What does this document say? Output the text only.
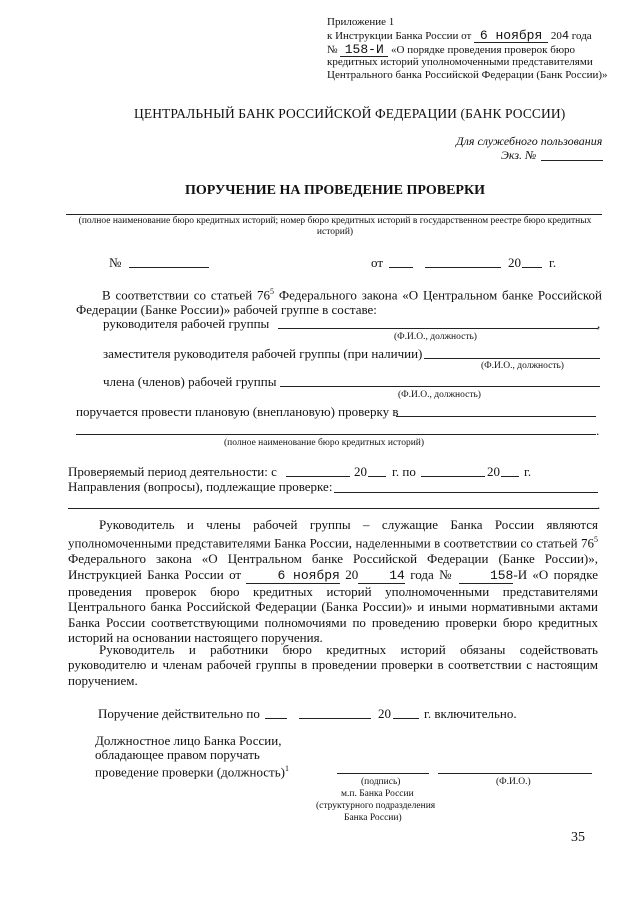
Приложение 1
к Инструкции Банка России от 6 ноября 204 года
№ 158-И «О порядке проведения проверок бюро
кредитных историй уполномоченными представителями
Центрального банка Российской Федерации (Банк России)»
ЦЕНТРАЛЬНЫЙ БАНК РОССИЙСКОЙ ФЕДЕРАЦИИ (БАНК РОССИИ)
Для служебного пользования
Экз. №
ПОРУЧЕНИЕ НА ПРОВЕДЕНИЕ ПРОВЕРКИ
(полное наименование бюро кредитных историй; номер бюро кредитных историй в государственном реестре бюро кредитных историй)
№	от	20 г.
В соответствии со статьей $76^5$ Федерального закона «О Центральном банке Российской Федерации (Банке России)» рабочей группе в составе:
руководителя рабочей группы	,
(Ф.И.О., должность)
заместителя руководителя рабочей группы (при наличии)
(Ф.И.О., должность)
члена (членов) рабочей группы
(Ф.И.О., должность)
поручается провести плановую (внеплановую) проверку в
.
(полное наименование бюро кредитных историй)
Проверяемый период деятельности: с	20 г. по	20 г.
Направления (вопросы), подлежащие проверке:
.
Руководитель и члены рабочей группы – служащие Банка России являются уполномоченными представителями Банка России, наделенными в соответствии со статьей $76^5$ Федерального закона «О Центральном банке Российской Федерации (Банке России)», Инструкцией Банка России от 6 ноября 20 14 года № 158-И «О порядке проведения проверок бюро кредитных историй уполномоченными представителями Центрального банка Российской Федерации (Банка России)» и иными нормативными актами Банка России соответствующими полномочиями по проведению проверки бюро кредитных историй на основании настоящего поручения.
Руководитель и работники бюро кредитных историй обязаны содействовать руководителю и членам рабочей группы в проведении проверки в соответствии с настоящим поручением.
Поручение действительно по	20	г. включительно.
Должностное лицо Банка России,
обладающее правом поручать
проведение проверки (должность)$^1$
(подпись)	(Ф.И.О.)
м.п. Банка России
(структурного подразделения
Банка России)
35
